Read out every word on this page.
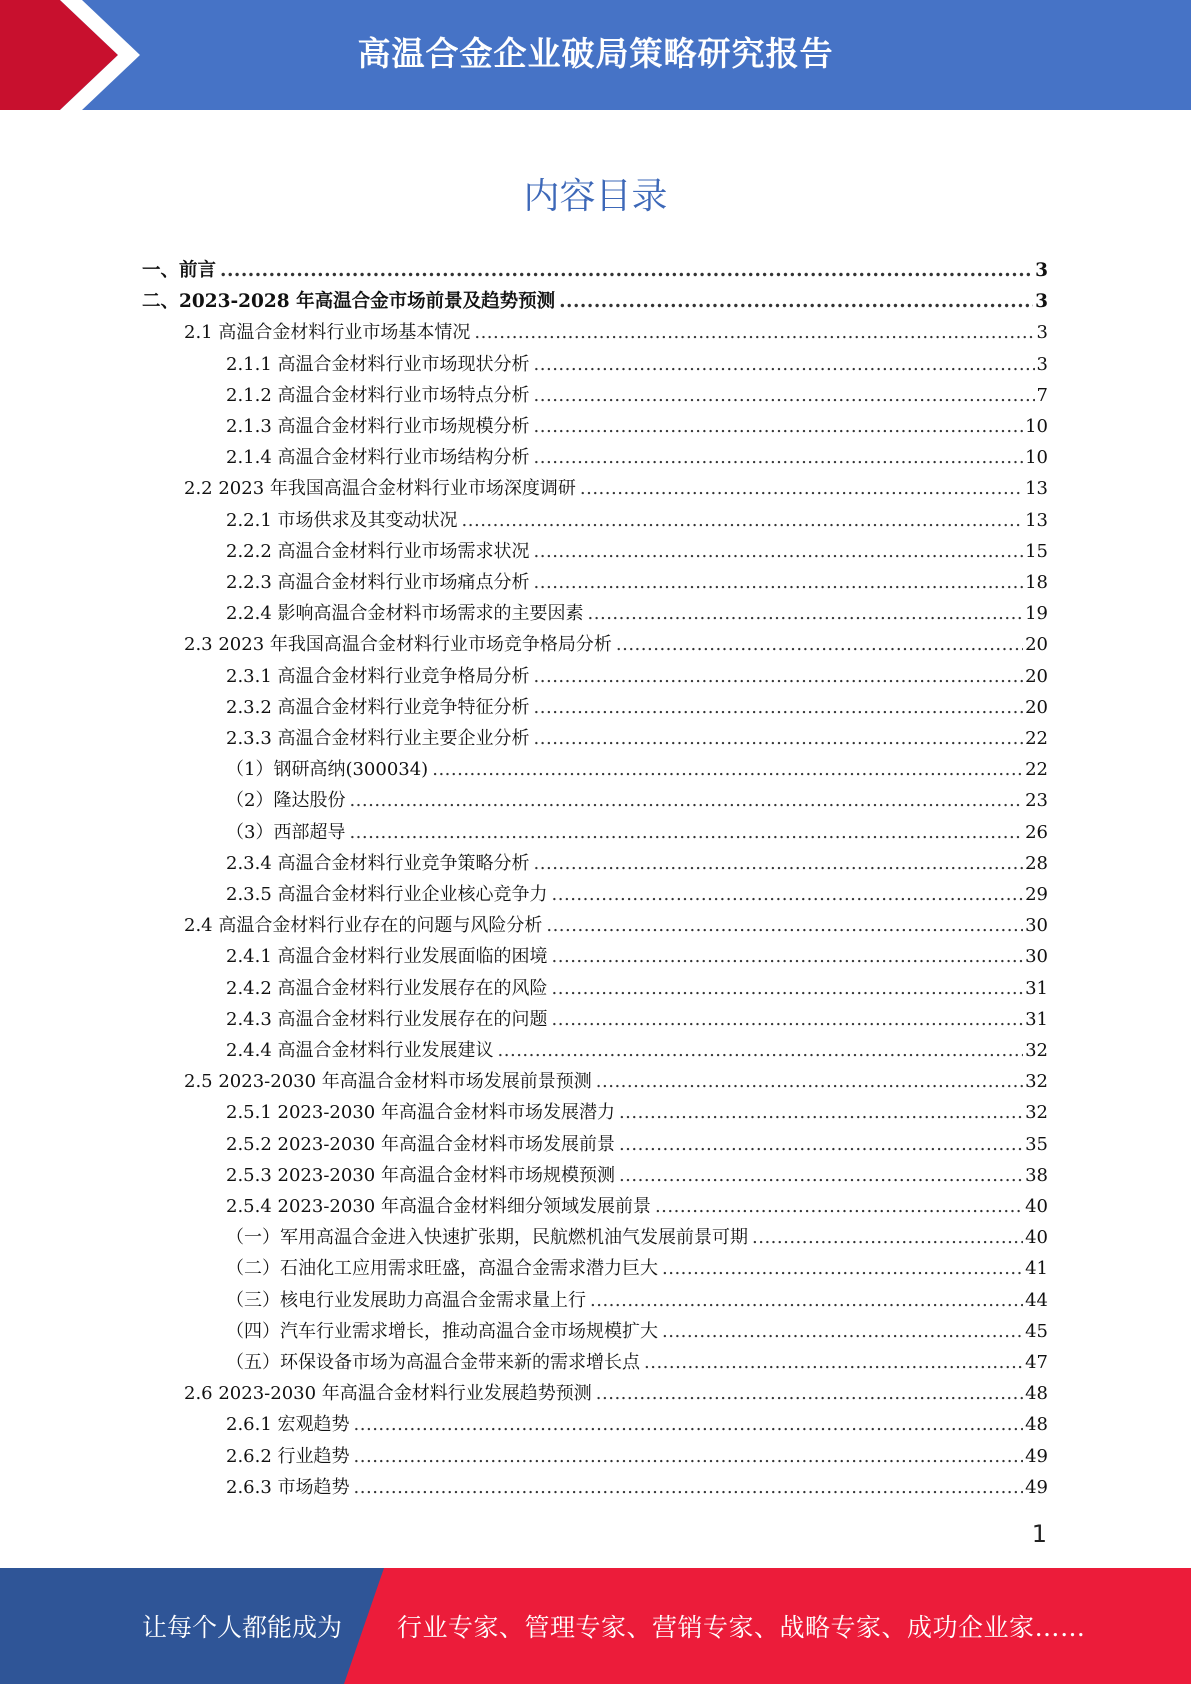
高温合金企业破局策略研究报告
内容目录
一、前言 .....	3
二、2023-2028 年高温合金市场前景及趋势预测 .....	3
2.1 高温合金材料行业市场基本情况 .....	3
2.1.1 高温合金材料行业市场现状分析 .....	3
2.1.2 高温合金材料行业市场特点分析 .....	7
2.1.3 高温合金材料行业市场规模分析 .....	10
2.1.4 高温合金材料行业市场结构分析 .....	10
2.2 2023 年我国高温合金材料行业市场深度调研 .....	13
2.2.1 市场供求及其变动状况 .....	13
2.2.2 高温合金材料行业市场需求状况 .....	15
2.2.3 高温合金材料行业市场痛点分析 .....	18
2.2.4 影响高温合金材料市场需求的主要因素 .....	19
2.3 2023 年我国高温合金材料行业市场竞争格局分析 .....	20
2.3.1 高温合金材料行业竞争格局分析 .....	20
2.3.2 高温合金材料行业竞争特征分析 .....	20
2.3.3 高温合金材料行业主要企业分析 .....	22
（1）钢研高纳(300034) .....	22
（2）隆达股份 .....	23
（3）西部超导 .....	26
2.3.4 高温合金材料行业竞争策略分析 .....	28
2.3.5 高温合金材料行业企业核心竞争力 .....	29
2.4 高温合金材料行业存在的问题与风险分析 .....	30
2.4.1 高温合金材料行业发展面临的困境 .....	30
2.4.2 高温合金材料行业发展存在的风险 .....	31
2.4.3 高温合金材料行业发展存在的问题 .....	31
2.4.4 高温合金材料行业发展建议 .....	32
2.5 2023-2030 年高温合金材料市场发展前景预测 .....	32
2.5.1 2023-2030 年高温合金材料市场发展潜力 .....	32
2.5.2 2023-2030 年高温合金材料市场发展前景 .....	35
2.5.3 2023-2030 年高温合金材料市场规模预测 .....	38
2.5.4 2023-2030 年高温合金材料细分领域发展前景 .....	40
（一）军用高温合金进入快速扩张期，民航燃机油气发展前景可期 .....	40
（二）石油化工应用需求旺盛，高温合金需求潜力巨大 .....	41
（三）核电行业发展助力高温合金需求量上行 .....	44
（四）汽车行业需求增长，推动高温合金市场规模扩大 .....	45
（五）环保设备市场为高温合金带来新的需求增长点 .....	47
2.6 2023-2030 年高温合金材料行业发展趋势预测 .....	48
2.6.1 宏观趋势 .....	48
2.6.2 行业趋势 .....	49
2.6.3 市场趋势 .....	49
1
让每个人都能成为 行业专家、管理专家、营销专家、战略专家、成功企业家……
